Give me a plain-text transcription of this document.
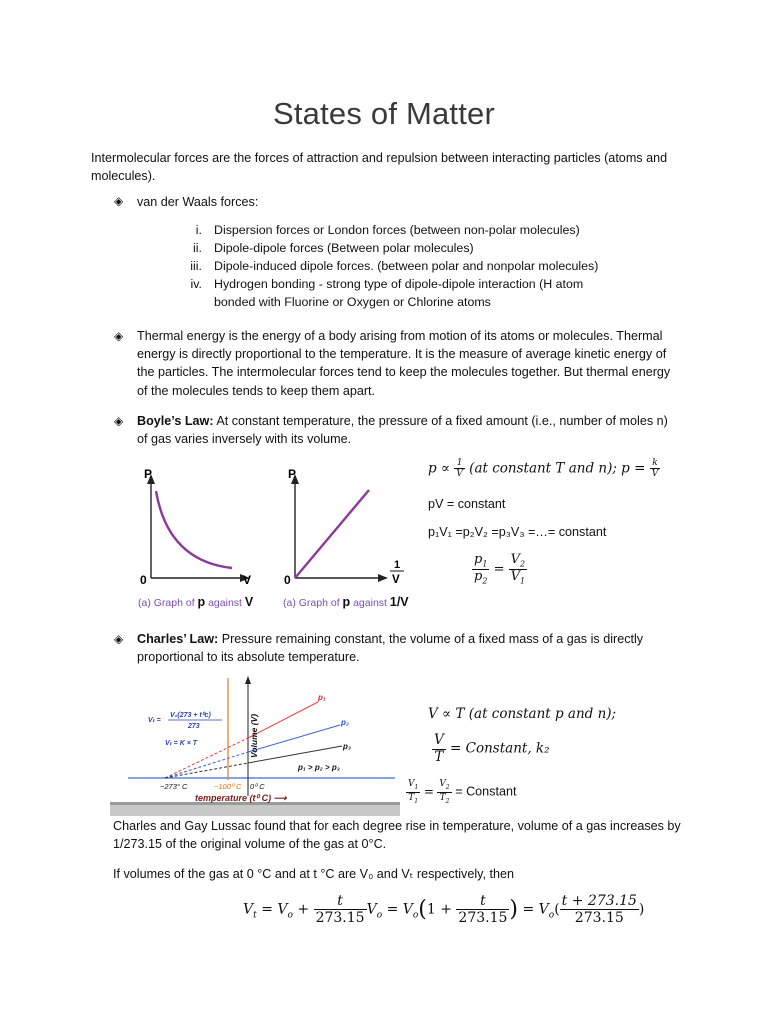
States of Matter
Intermolecular forces are the forces of attraction and repulsion between interacting particles (atoms and molecules).
◈ van der Waals forces:
i. Dispersion forces or London forces (between non-polar molecules)
ii. Dipole-dipole forces (Between polar molecules)
iii. Dipole-induced dipole forces. (between polar and nonpolar molecules)
iv. Hydrogen bonding - strong type of dipole-dipole interaction (H atom bonded with Fluorine or Oxygen or Chlorine atoms
◈ Thermal energy is the energy of a body arising from motion of its atoms or molecules. Thermal energy is directly proportional to the temperature. It is the measure of average kinetic energy of the particles. The intermolecular forces tend to keep the molecules together. But thermal energy of the molecules tends to keep them apart.
◈ Boyle’s Law: At constant temperature, the pressure of a fixed amount (i.e., number of moles n) of gas varies inversely with its volume.
P
0	V
(a) Graph of p against V
P
0
1
V
(a) Graph of p against 1/V
$p \propto \frac{1}{V} (at$ constant T and n); $p = \frac{k}{V}$
pV = constant
p₁V₁ =p₂V₂ =p₃V₃ =…= constant
$\frac{p_1}{p_2} = \frac{V_2}{V_1}$
◈ Charles’ Law: Pressure remaining constant, the volume of a fixed mass of a gas is directly proportional to its absolute temperature.
p₁
p₂
p₃
p₁ > p₂ > p₃
Volume (V)
temperature (t⁰ C) ⟶
−273° C	−100⁰ C 0⁰ C
Vₜ =
V₀(273 + t⁰c)
273
Vₜ = K × T
V ∝ T (at constant p and n);
$\frac{V}{T}$ = Constant, k₂
$\frac{V_1}{T_1} = \frac{V_2}{T_2}$ = Constant
Charles and Gay Lussac found that for each degree rise in temperature, volume of a gas increases by 1/273.15 of the original volume of the gas at 0°C.
If volumes of the gas at 0 °C and at t °C are V₀ and Vₜ respectively, then
$V_t = V_o + \frac{t}{273.15} V_o = V_o(1 + \frac{t}{273.15}$ ) = $V_o( \frac{t + 273.15}{273.15}$ )
